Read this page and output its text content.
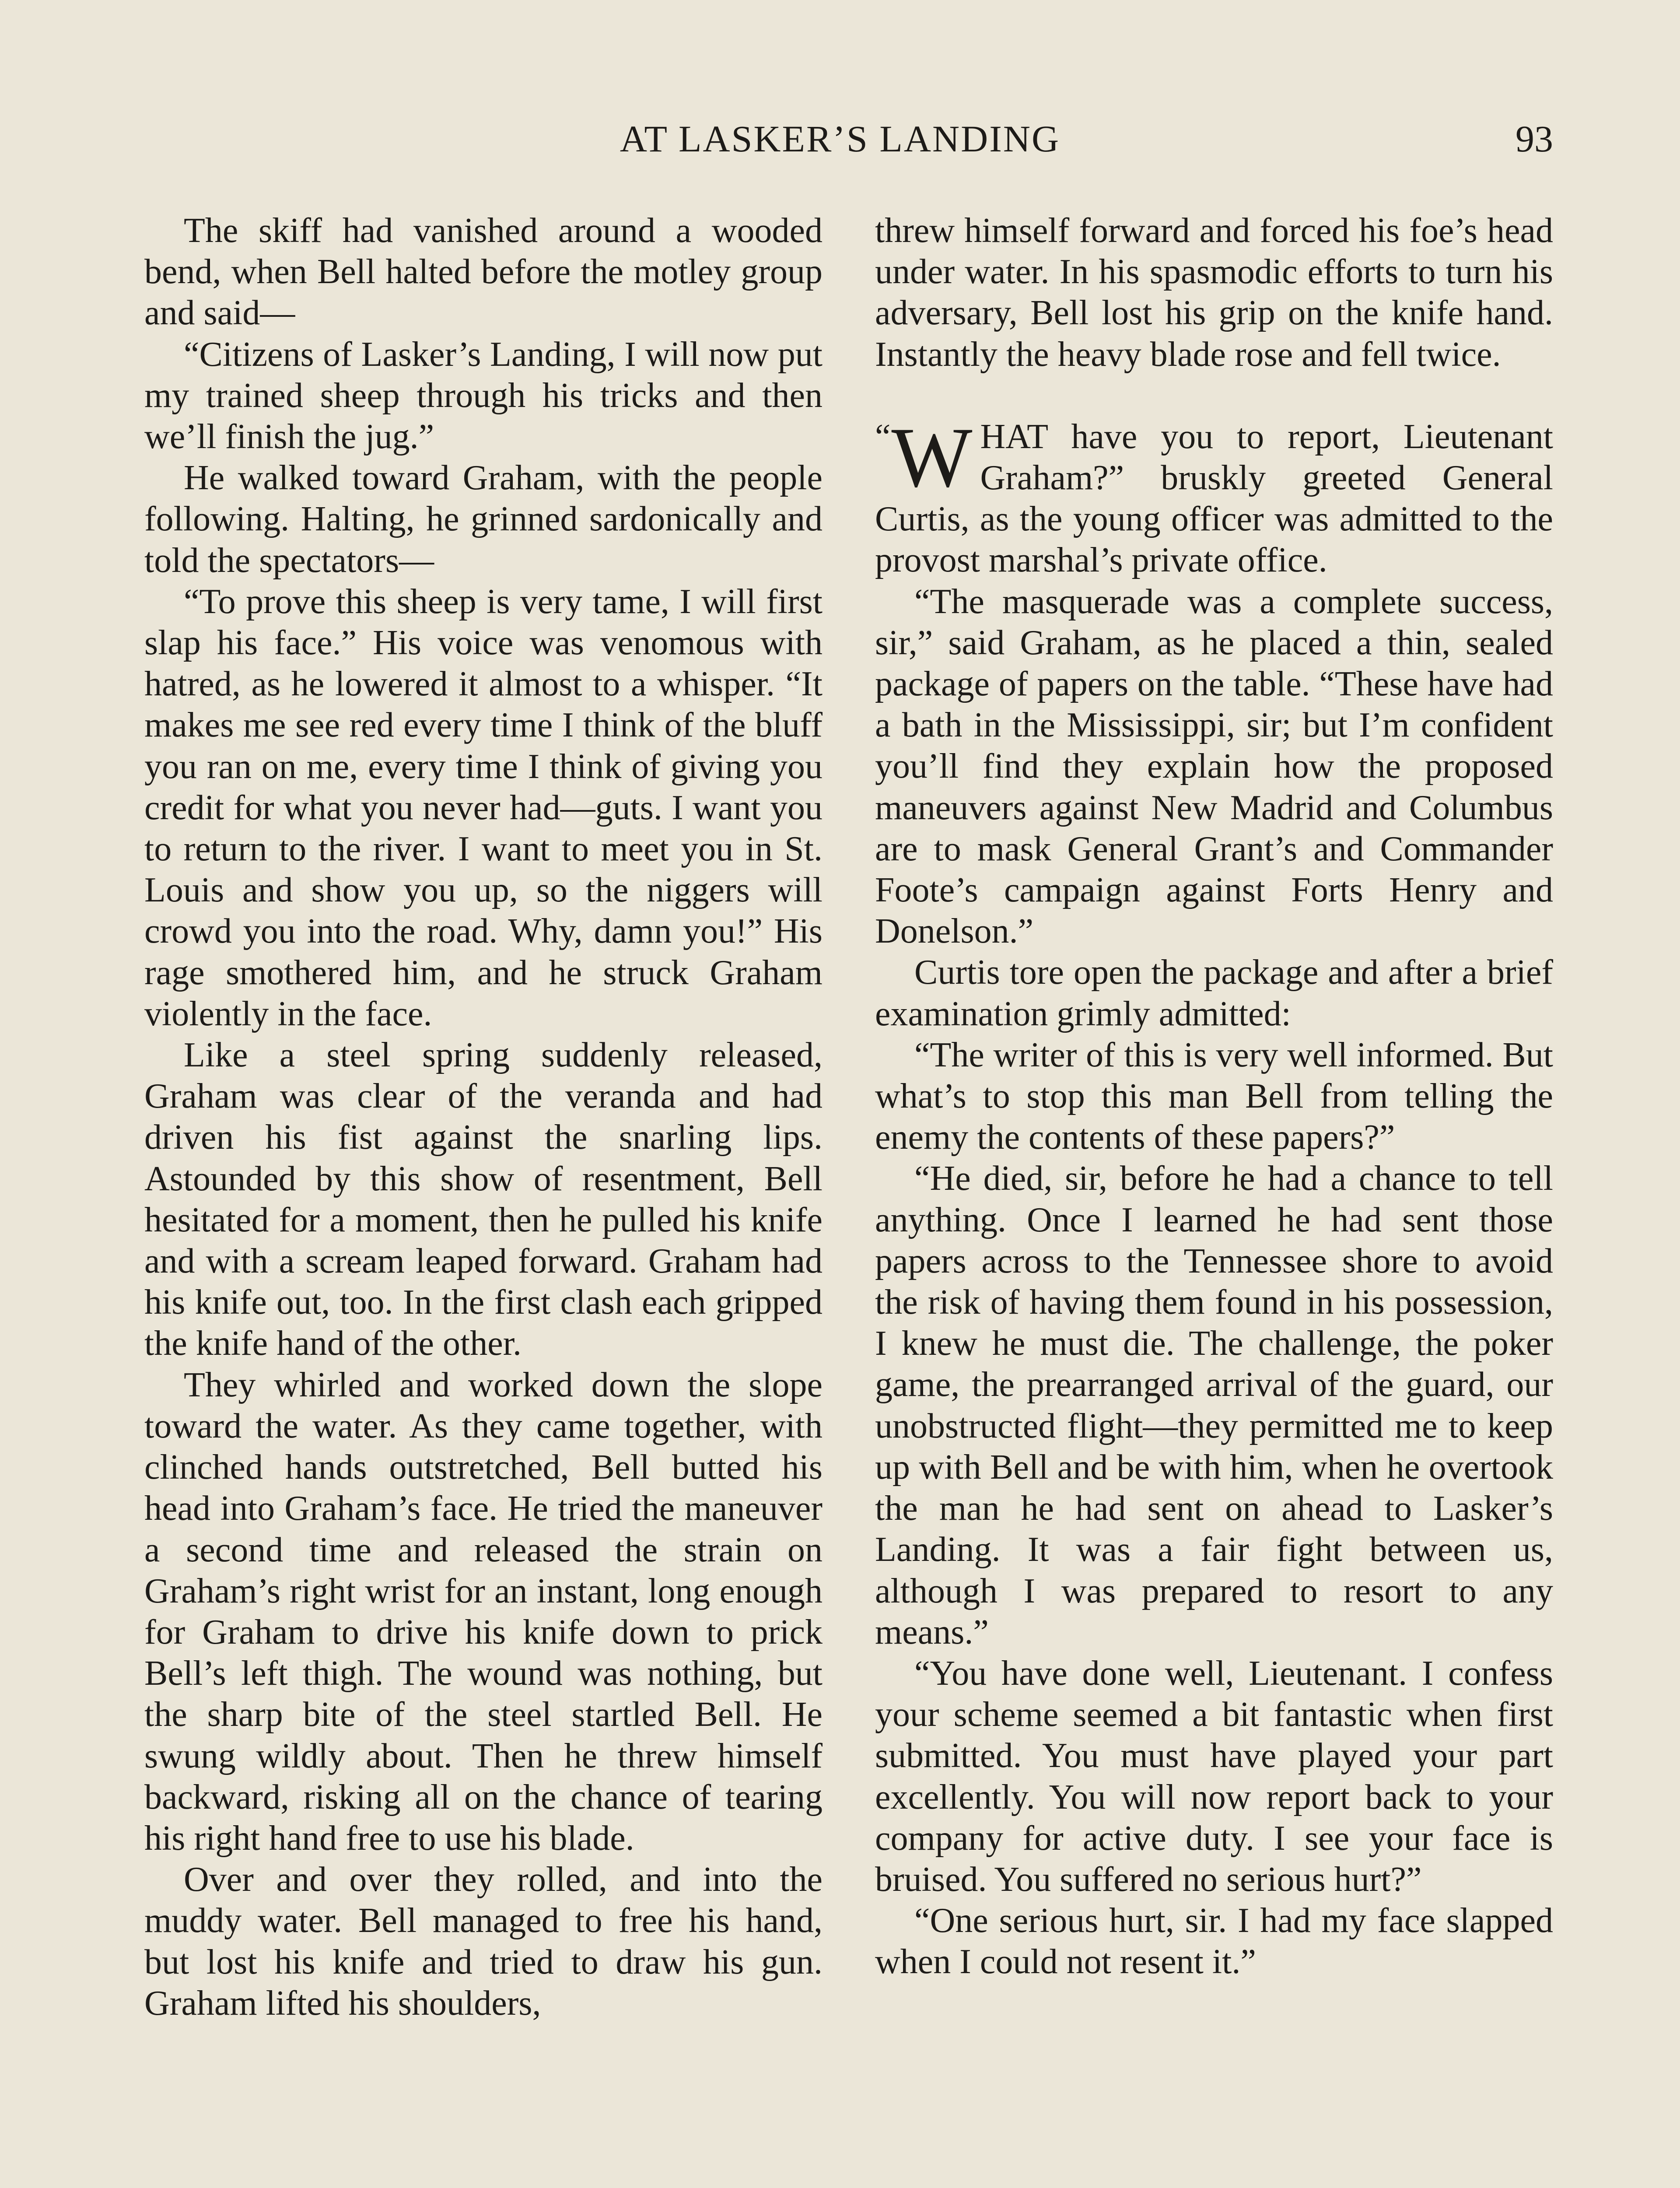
AT LASKER’S LANDING	93

The skiff had vanished around a wooded bend, when Bell halted before the motley group and said—

“Citizens of Lasker’s Landing, I will now put my trained sheep through his tricks and then we’ll finish the jug.”

He walked toward Graham, with the people following. Halting, he grinned sardonically and told the spectators—

“To prove this sheep is very tame, I will first slap his face.” His voice was venomous with hatred, as he lowered it almost to a whisper. “It makes me see red every time I think of the bluff you ran on me, every time I think of giving you credit for what you never had—guts. I want you to return to the river. I want to meet you in St. Louis and show you up, so the niggers will crowd you into the road. Why, damn you!” His rage smothered him, and he struck Graham violently in the face.

Like a steel spring suddenly released, Graham was clear of the veranda and had driven his fist against the snarling lips. Astounded by this show of resentment, Bell hesitated for a moment, then he pulled his knife and with a scream leaped forward. Graham had his knife out, too. In the first clash each gripped the knife hand of the other.

They whirled and worked down the slope toward the water. As they came together, with clinched hands outstretched, Bell butted his head into Graham’s face. He tried the maneuver a second time and released the strain on Graham’s right wrist for an instant, long enough for Graham to drive his knife down to prick Bell’s left thigh. The wound was nothing, but the sharp bite of the steel startled Bell. He swung wildly about. Then he threw himself backward, risking all on the chance of tearing his right hand free to use his blade.

Over and over they rolled, and into the muddy water. Bell managed to free his hand, but lost his knife and tried to draw his gun. Graham lifted his shoulders,

threw himself forward and forced his foe’s head under water. In his spasmodic efforts to turn his adversary, Bell lost his grip on the knife hand. Instantly the heavy blade rose and fell twice.

“ W HAT have you to report, Lieutenant Graham?” bruskly greeted General Curtis, as the young officer was admitted to the provost marshal’s private office.

“The masquerade was a complete success, sir,” said Graham, as he placed a thin, sealed package of papers on the table. “These have had a bath in the Mississippi, sir; but I’m confident you’ll find they explain how the proposed maneuvers against New Madrid and Columbus are to mask General Grant’s and Commander Foote’s campaign against Forts Henry and Donelson.”

Curtis tore open the package and after a brief examination grimly admitted:

“The writer of this is very well informed. But what’s to stop this man Bell from telling the enemy the contents of these papers?”

“He died, sir, before he had a chance to tell anything. Once I learned he had sent those papers across to the Tennessee shore to avoid the risk of having them found in his possession, I knew he must die. The challenge, the poker game, the prearranged arrival of the guard, our unobstructed flight—they permitted me to keep up with Bell and be with him, when he overtook the man he had sent on ahead to Lasker’s Landing. It was a fair fight between us, although I was prepared to resort to any means.”

“You have done well, Lieutenant. I confess your scheme seemed a bit fantastic when first submitted. You must have played your part excellently. You will now report back to your company for active duty. I see your face is bruised. You suffered no serious hurt?”

“One serious hurt, sir. I had my face slapped when I could not resent it.”
